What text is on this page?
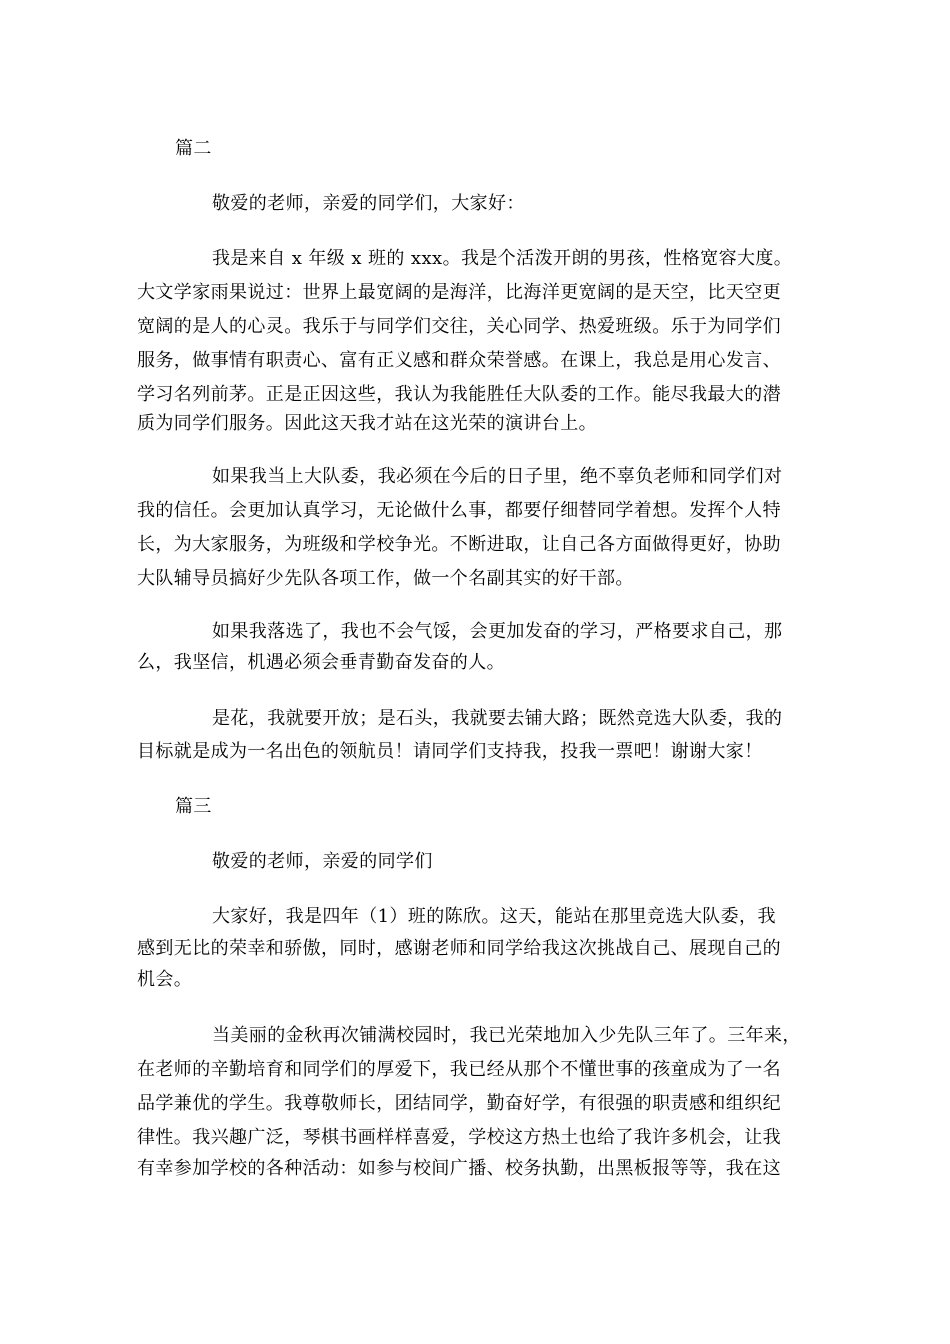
篇二
敬爱的老师，亲爱的同学们，大家好：
我是来自 x 年级 x 班的 xxx。我是个活泼开朗的男孩，性格宽容大度。
大文学家雨果说过：世界上最宽阔的是海洋，比海洋更宽阔的是天空，比天空更
宽阔的是人的心灵。我乐于与同学们交往，关心同学、热爱班级。乐于为同学们
服务，做事情有职责心、富有正义感和群众荣誉感。在课上，我总是用心发言、
学习名列前茅。正是正因这些，我认为我能胜任大队委的工作。能尽我最大的潜
质为同学们服务。因此这天我才站在这光荣的演讲台上。
如果我当上大队委，我必须在今后的日子里，绝不辜负老师和同学们对
我的信任。会更加认真学习，无论做什么事，都要仔细替同学着想。发挥个人特
长，为大家服务，为班级和学校争光。不断进取，让自己各方面做得更好，协助
大队辅导员搞好少先队各项工作，做一个名副其实的好干部。
如果我落选了，我也不会气馁，会更加发奋的学习，严格要求自己，那
么，我坚信，机遇必须会垂青勤奋发奋的人。
是花，我就要开放；是石头，我就要去铺大路；既然竞选大队委，我的
目标就是成为一名出色的领航员！请同学们支持我，投我一票吧！谢谢大家！
篇三
敬爱的老师，亲爱的同学们
大家好，我是四年（1）班的陈欣。这天，能站在那里竞选大队委，我
感到无比的荣幸和骄傲，同时，感谢老师和同学给我这次挑战自己、展现自己的
机会。
当美丽的金秋再次铺满校园时，我已光荣地加入少先队三年了。三年来，
在老师的辛勤培育和同学们的厚爱下，我已经从那个不懂世事的孩童成为了一名
品学兼优的学生。我尊敬师长，团结同学，勤奋好学，有很强的职责感和组织纪
律性。我兴趣广泛，琴棋书画样样喜爱，学校这方热土也给了我许多机会，让我
有幸参加学校的各种活动：如参与校间广播、校务执勤，出黑板报等等，我在这
